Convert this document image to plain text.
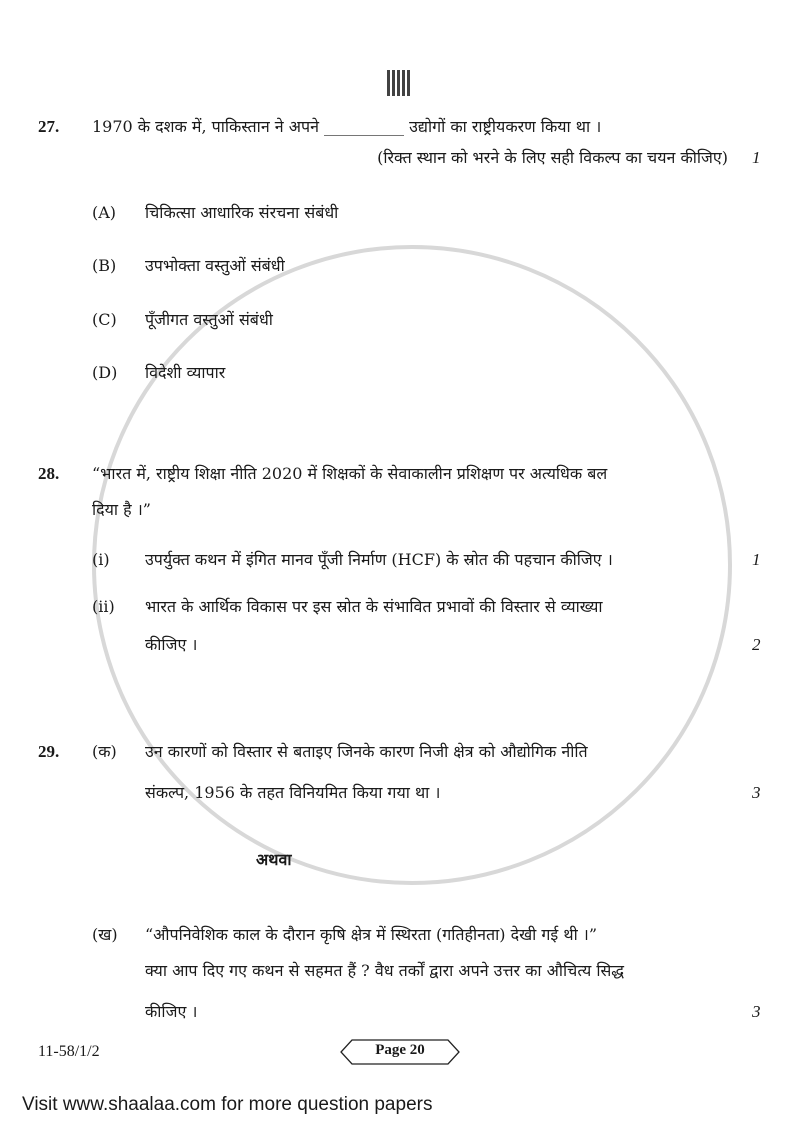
27. 1970 के दशक में, पाकिस्तान ने अपने __________ उद्योगों का राष्ट्रीयकरण किया था ।
(रिक्त स्थान को भरने के लिए सही विकल्प का चयन कीजिए) 1
(A) चिकित्सा आधारिक संरचना संबंधी
(B) उपभोक्ता वस्तुओं संबंधी
(C) पूँजीगत वस्तुओं संबंधी
(D) विदेशी व्यापार
28. “भारत में, राष्ट्रीय शिक्षा नीति 2020 में शिक्षकों के सेवाकालीन प्रशिक्षण पर अत्यधिक बल
दिया है ।”
(i) उपर्युक्त कथन में इंगित मानव पूँजी निर्माण (HCF) के स्रोत की पहचान कीजिए ।	1
(ii) भारत के आर्थिक विकास पर इस स्रोत के संभावित प्रभावों की विस्तार से व्याख्या
कीजिए ।	2
29. (क) उन कारणों को विस्तार से बताइए जिनके कारण निजी क्षेत्र को औद्योगिक नीति
संकल्प, 1956 के तहत विनियमित किया गया था ।	3
अथवा
(ख) “औपनिवेशिक काल के दौरान कृषि क्षेत्र में स्थिरता (गतिहीनता) देखी गई थी ।”
क्या आप दिए गए कथन से सहमत हैं ? वैध तर्कों द्वारा अपने उत्तर का औचित्य सिद्ध
कीजिए ।	3
11-58/1/2	Page 20
Visit www.shaalaa.com for more question papers
